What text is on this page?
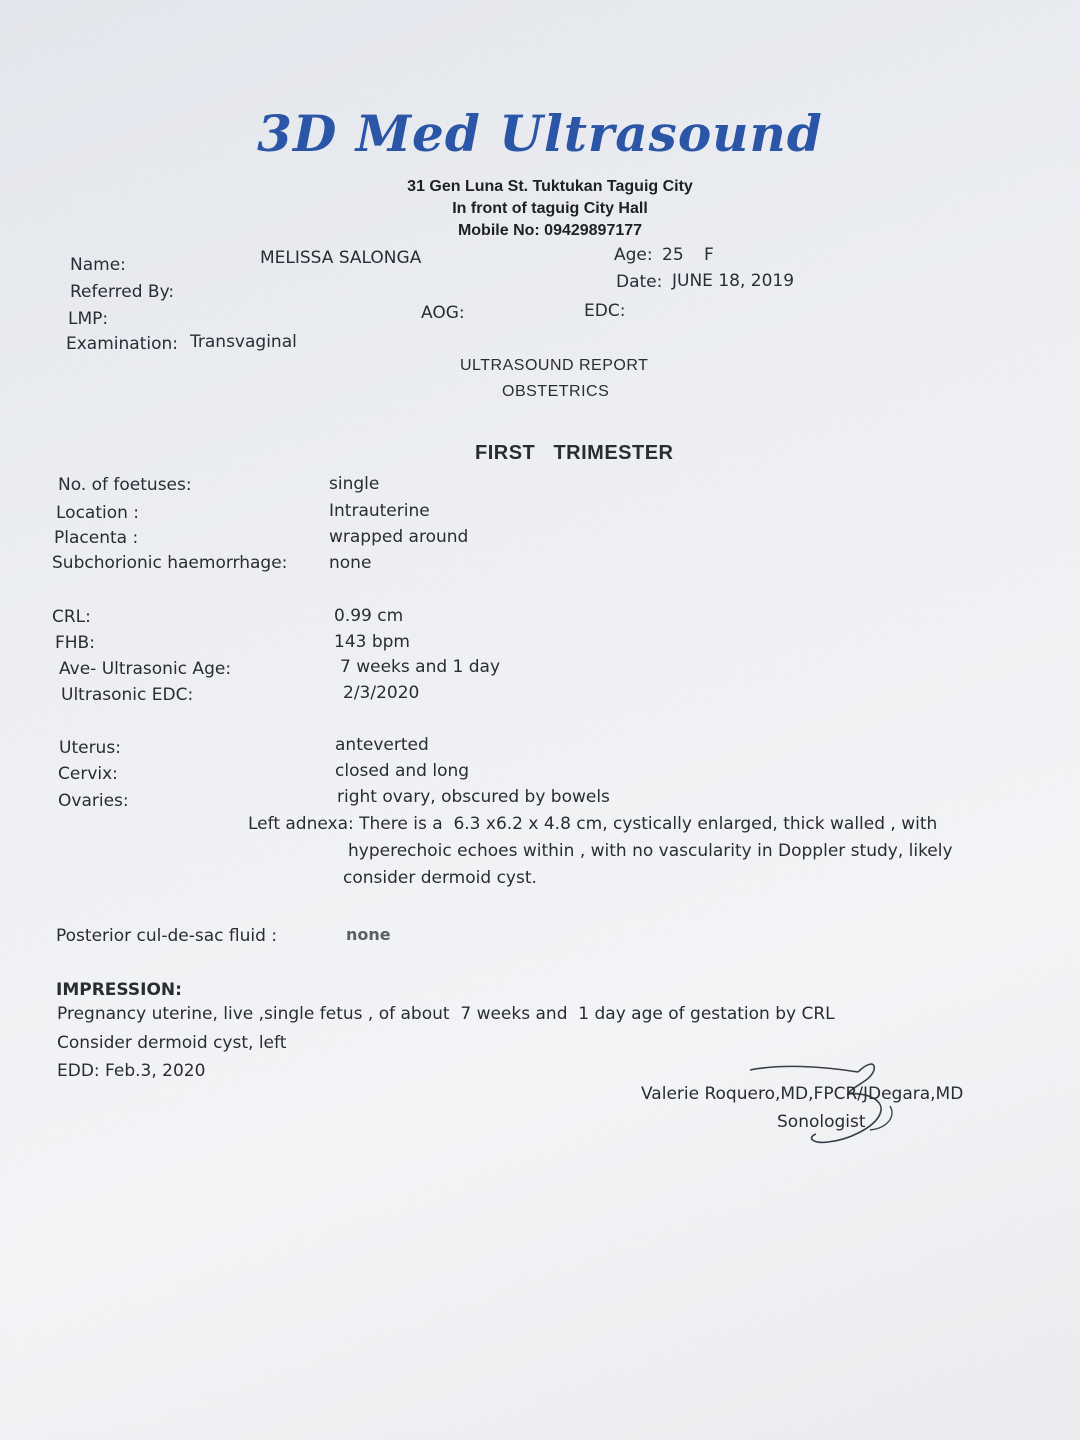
3D Med Ultrasound
31 Gen Luna St. Tuktukan Taguig City
In front of taguig City Hall
Mobile No: 09429897177
Name:	MELISSA SALONGA	Age: 25 F
Date: JUNE 18, 2019
Referred By:
LMP:	AOG:	EDC:
Examination: Transvaginal
ULTRASOUND REPORT
OBSTETRICS
FIRST   TRIMESTER
No. of foetuses:	single
Location :	Intrauterine
Placenta :	wrapped around
Subchorionic haemorrhage: none
CRL:	0.99 cm
FHB:	143 bpm
Ave- Ultrasonic Age:	7 weeks and 1 day
Ultrasonic EDC:	2/3/2020
Uterus:	anteverted
Cervix:	closed and long
Ovaries:	right ovary, obscured by bowels
Left adnexa: There is a  6.3 x6.2 x 4.8 cm, cystically enlarged, thick walled , with
hyperechoic echoes within , with no vascularity in Doppler study, likely
consider dermoid cyst.
Posterior cul-de-sac fluid :	none
IMPRESSION:
Pregnancy uterine, live ,single fetus , of about  7 weeks and  1 day age of gestation by CRL
Consider dermoid cyst, left
EDD: Feb.3, 2020
Valerie Roquero,MD,FPCR/JDegara,MD
Sonologist
